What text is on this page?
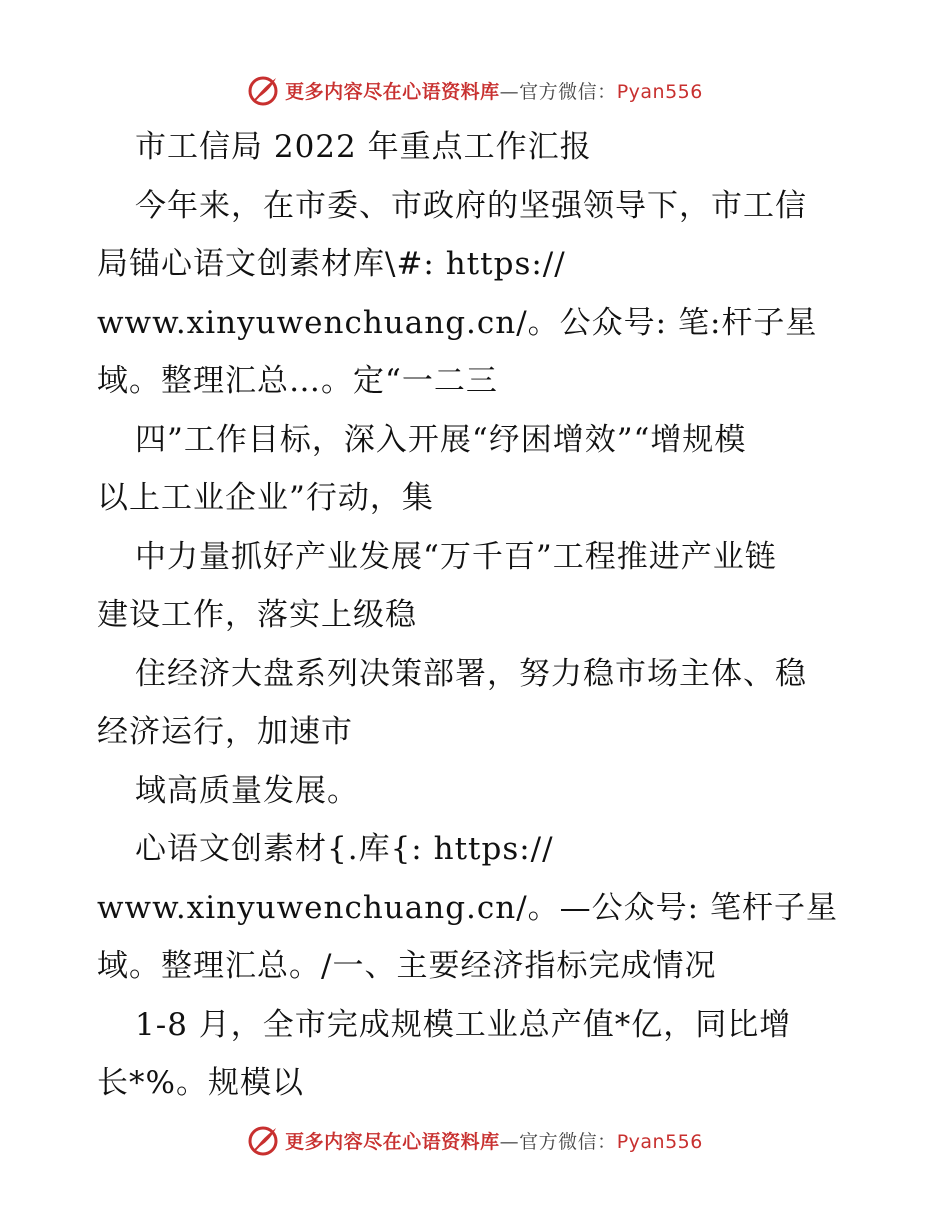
更多内容尽在心语资料库—官方微信：Pyan556
市工信局 2022 年重点工作汇报
今年来，在市委、市政府的坚强领导下，市工信
局锚心语文创素材库\#: https://
www.xinyuwenchuang.cn/。公众号: 笔:杆子星
域。整理汇总…。定“一二三
四”工作目标，深入开展“纾困增效”“增规模
以上工业企业”行动，集
中力量抓好产业发展“万千百”工程推进产业链
建设工作，落实上级稳
住经济大盘系列决策部署，努力稳市场主体、稳
经济运行，加速市
域高质量发展。
心语文创素材{.库{: https://
www.xinyuwenchuang.cn/。—公众号: 笔杆子星
域。整理汇总。/一、主要经济指标完成情况
1-8 月，全市完成规模工业总产值*亿，同比增
长*%。规模以
更多内容尽在心语资料库—官方微信：Pyan556
